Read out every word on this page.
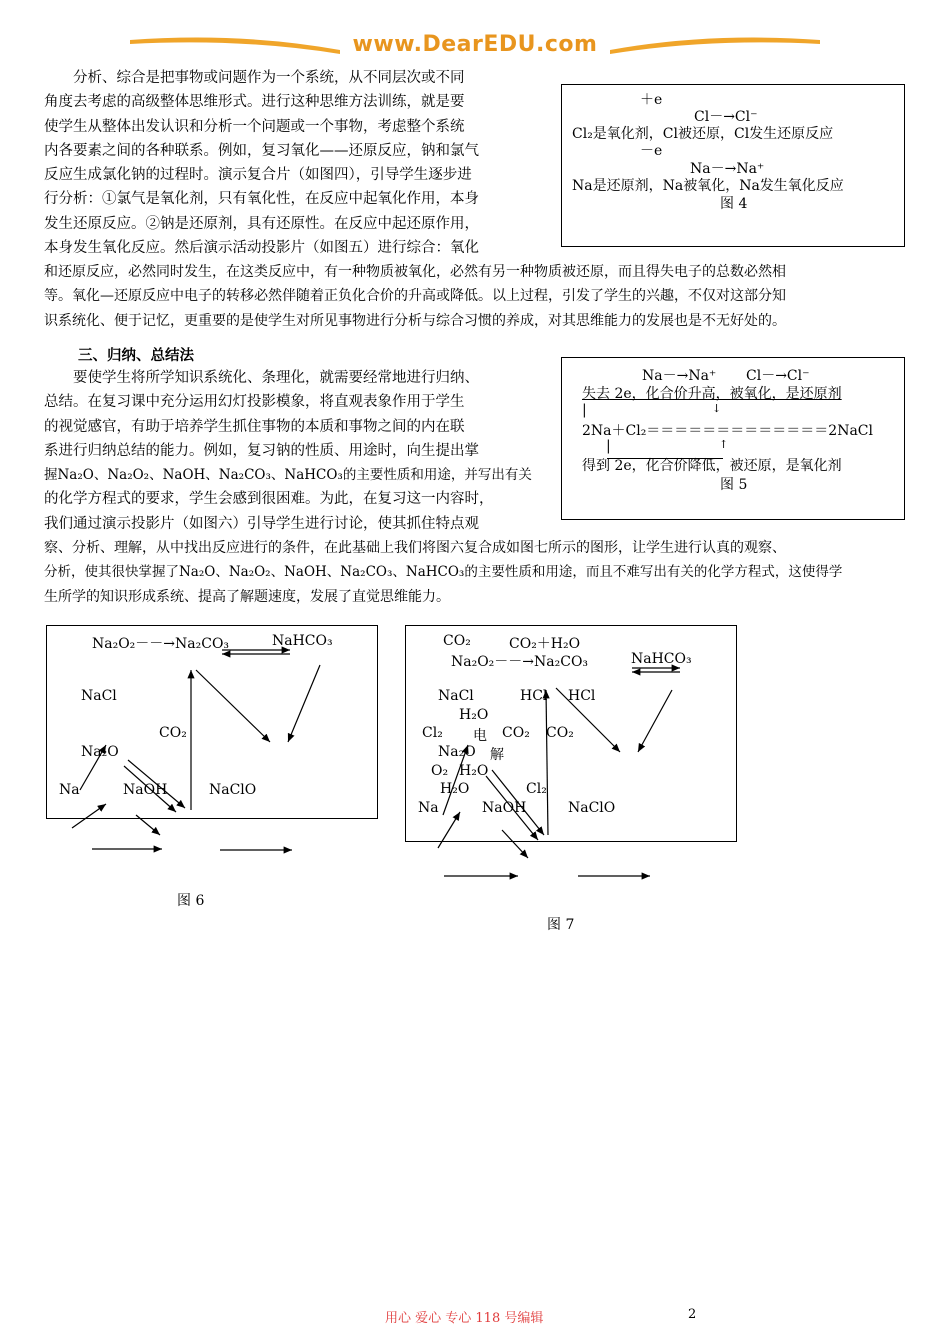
www.DearEDU.com
分析、综合是把事物或问题作为一个系统，从不同层次或不同
角度去考虑的高级整体思维形式。进行这种思维方法训练，就是要
使学生从整体出发认识和分析一个问题或一个事物，考虑整个系统
内各要素之间的各种联系。例如，复习氧化——还原反应，钠和氯气
反应生成氯化钠的过程时。演示复合片（如图四），引导学生逐步进
行分析：①氯气是氧化剂，只有氧化性，在反应中起氧化作用，本身
发生还原反应。②钠是还原剂，具有还原性。在反应中起还原作用，
本身发生氧化反应。然后演示活动投影片（如图五）进行综合：氧化
和还原反应，必然同时发生，在这类反应中，有一种物质被氧化，必然有另一种物质被还原，而且得失电子的总数必然相
等。氧化—还原反应中电子的转移必然伴随着正负化合价的升高或降低。以上过程，引发了学生的兴趣，不仅对这部分知
识系统化、便于记忆，更重要的是使学生对所见事物进行分析与综合习惯的养成，对其思维能力的发展也是不无好处的。
＋e
Cl－→Cl⁻
Cl₂是氧化剂，Cl被还原，Cl发生还原反应
－e
Na－→Na⁺
Na是还原剂，Na被氧化，Na发生氧化反应
图 4
三、归纳、总结法
要使学生将所学知识系统化、条理化，就需要经常地进行归纳、
总结。在复习课中充分运用幻灯投影模象，将直观表象作用于学生
的视觉感官，有助于培养学生抓住事物的本质和事物之间的内在联
系进行归纳总结的能力。例如，复习钠的性质、用途时，向生提出掌
握Na₂O、Na₂O₂、NaOH、Na₂CO₃、NaHCO₃的主要性质和用途，并写出有关
的化学方程式的要求，学生会感到很困难。为此，在复习这一内容时，
我们通过演示投影片（如图六）引导学生进行讨论，使其抓住特点观
察、分析、理解，从中找出反应进行的条件，在此基础上我们将图六复合成如图七所示的图形，让学生进行认真的观察、
分析，使其很快掌握了Na₂O、Na₂O₂、NaOH、Na₂CO₃、NaHCO₃的主要性质和用途，而且不难写出有关的化学方程式，这使得学
生所学的知识形成系统、提高了解题速度，发展了直觉思维能力。
Na－→Na⁺ Cl－→Cl⁻
失去 2e，化合价升高，被氧化，是还原剂
|	↓
2Na＋Cl₂＝＝＝＝＝＝＝＝＝＝＝＝＝2NaCl
|	↑
得到 2e，化合价降低，被还原，是氧化剂
图 5
Na₂O₂－－→Na₂CO₃	NaHCO₃
NaCl
CO₂
Na₂O
Na	NaOH	NaClO
图 6
CO₂	CO₂＋H₂O
Na₂O₂－－→Na₂CO₃	NaHCO₃
NaCl	HCl HCl
H₂O
Cl₂ 电 CO₂ CO₂
Na₂O 解
O₂ H₂O
H₂O	Cl₂
Na	NaOH	NaClO
图 7
用心 爱心 专心 118 号编辑	2
